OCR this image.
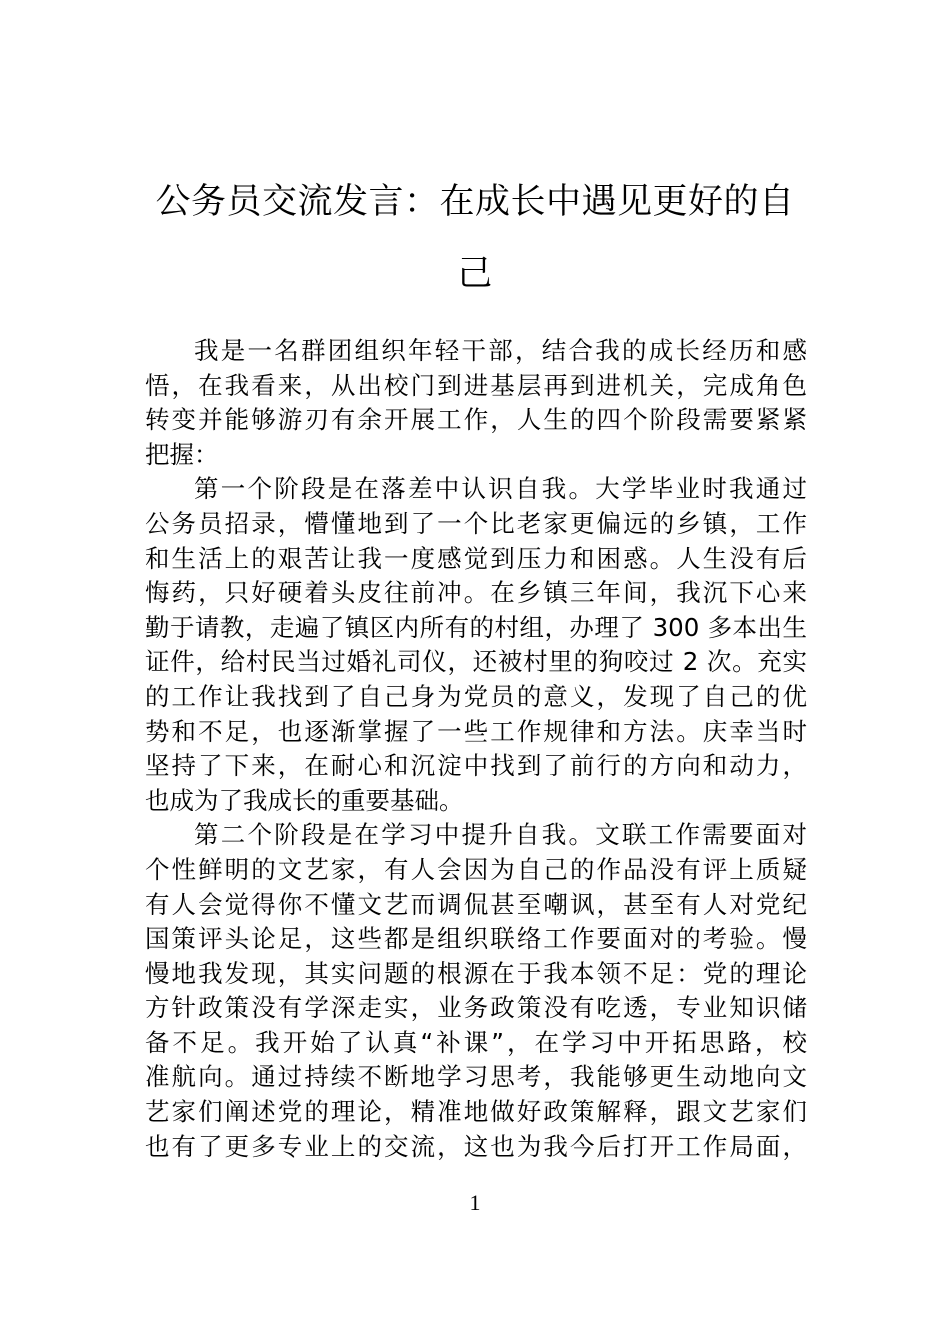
公务员交流发言：在成长中遇见更好的自
己
我是一名群团组织年轻干部，结合我的成长经历和感
悟，在我看来，从出校门到进基层再到进机关，完成角色
转变并能够游刃有余开展工作，人生的四个阶段需要紧紧
把握：
第一个阶段是在落差中认识自我。大学毕业时我通过
公务员招录，懵懂地到了一个比老家更偏远的乡镇，工作
和生活上的艰苦让我一度感觉到压力和困惑。人生没有后
悔药，只好硬着头皮往前冲。在乡镇三年间，我沉下心来
勤于请教，走遍了镇区内所有的村组，办理了 300 多本出生
证件，给村民当过婚礼司仪，还被村里的狗咬过 2 次。充实
的工作让我找到了自己身为党员的意义，发现了自己的优
势和不足，也逐渐掌握了一些工作规律和方法。庆幸当时
坚持了下来，在耐心和沉淀中找到了前行的方向和动力，
也成为了我成长的重要基础。
第二个阶段是在学习中提升自我。文联工作需要面对
个性鲜明的文艺家，有人会因为自己的作品没有评上质疑
有人会觉得你不懂文艺而调侃甚至嘲讽，甚至有人对党纪
国策评头论足，这些都是组织联络工作要面对的考验。慢
慢地我发现，其实问题的根源在于我本领不足：党的理论
方针政策没有学深走实，业务政策没有吃透，专业知识储
备不足。我开始了认真“补课”，在学习中开拓思路，校
准航向。通过持续不断地学习思考，我能够更生动地向文
艺家们阐述党的理论，精准地做好政策解释，跟文艺家们
也有了更多专业上的交流，这也为我今后打开工作局面，
1
